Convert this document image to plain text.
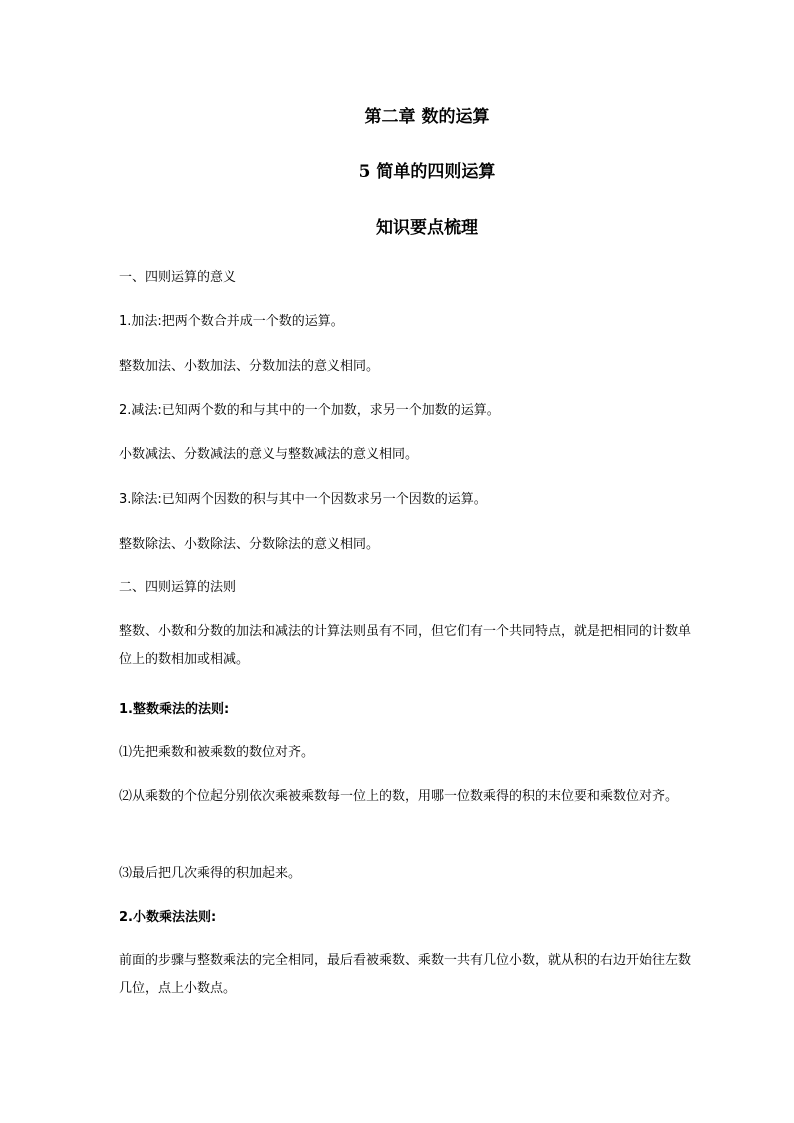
第二章 数的运算
5 简单的四则运算
知识要点梳理
一、四则运算的意义
1.加法:把两个数合并成一个数的运算。
整数加法、小数加法、分数加法的意义相同。
2.减法:已知两个数的和与其中的一个加数，求另一个加数的运算。
小数减法、分数减法的意义与整数减法的意义相同。
3.除法:已知两个因数的积与其中一个因数求另一个因数的运算。
整数除法、小数除法、分数除法的意义相同。
二、四则运算的法则
整数、小数和分数的加法和减法的计算法则虽有不同，但它们有一个共同特点，就是把相同的计数单位上的数相加或相减。
1.整数乘法的法则:
⑴先把乘数和被乘数的数位对齐。
⑵从乘数的个位起分别依次乘被乘数每一位上的数，用哪一位数乘得的积的末位要和乘数位对齐。
⑶最后把几次乘得的积加起来。
2.小数乘法法则:
前面的步骤与整数乘法的完全相同，最后看被乘数、乘数一共有几位小数，就从积的右边开始往左数几位，点上小数点。
